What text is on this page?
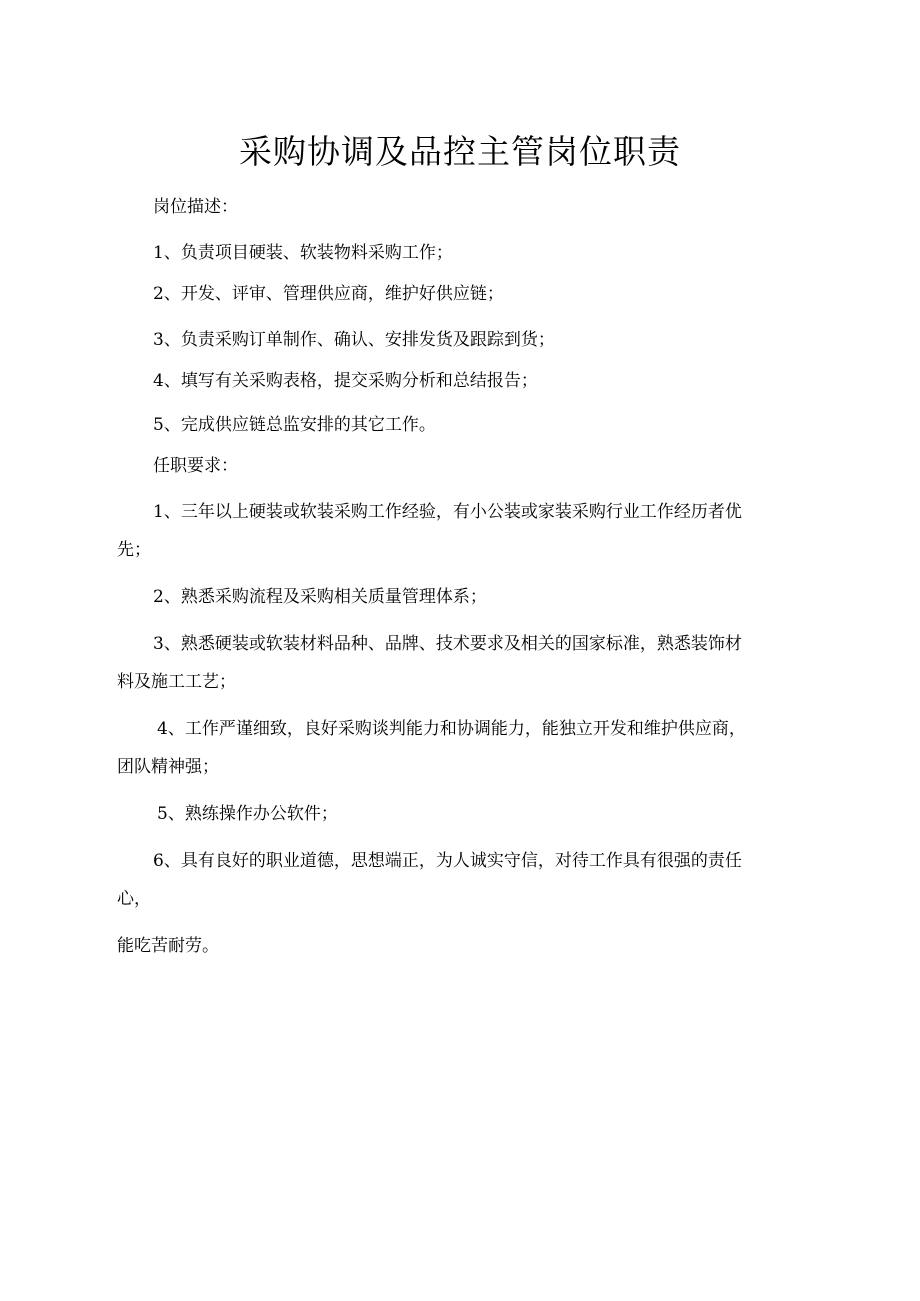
采购协调及品控主管岗位职责

岗位描述：

1、负责项目硬装、软装物料采购工作；

2、开发、评审、管理供应商，维护好供应链；

3、负责采购订单制作、确认、安排发货及跟踪到货；

4、填写有关采购表格，提交采购分析和总结报告；

5、完成供应链总监安排的其它工作。

任职要求：

1、三年以上硬装或软装采购工作经验，有小公装或家装采购行业工作经历者优

先；

2、熟悉采购流程及采购相关质量管理体系；

3、熟悉硬装或软装材料品种、品牌、技术要求及相关的国家标准，熟悉装饰材

料及施工工艺；

4、工作严谨细致，良好采购谈判能力和协调能力，能独立开发和维护供应商，

团队精神强；

5、熟练操作办公软件；

6、具有良好的职业道德，思想端正，为人诚实守信，对待工作具有很强的责任

心，

能吃苦耐劳。
